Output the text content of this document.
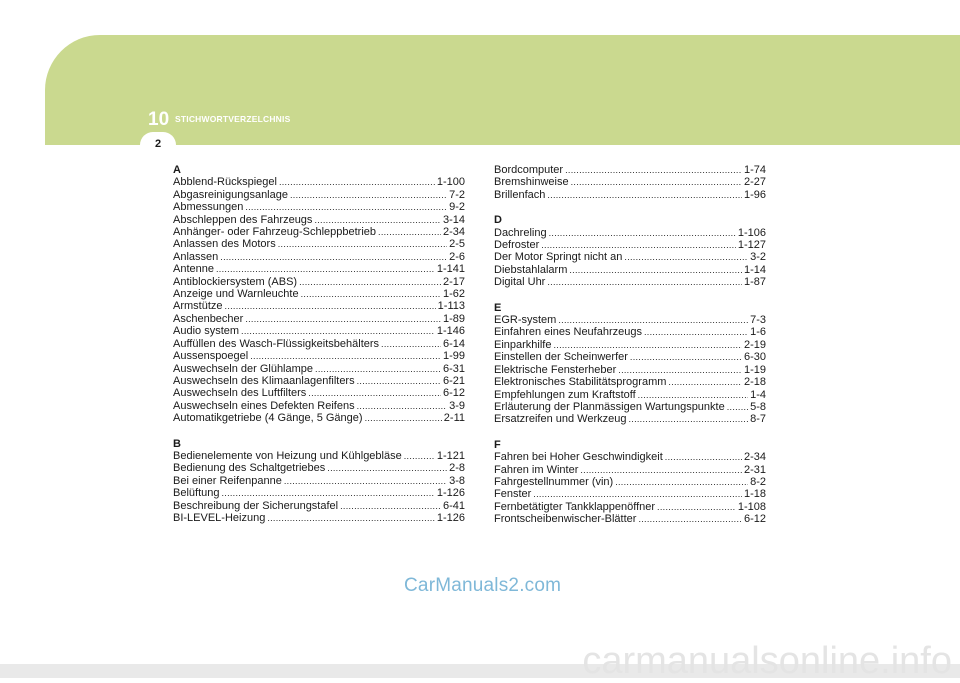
10 STICHWORTVERZELCHNIS
2
A
Abblend-Rückspiegel .....	1-100
Abgasreinigungsanlage .....	7-2
Abmessungen .....	9-2
Abschleppen des Fahrzeugs .....	3-14
Anhänger- oder Fahrzeug-Schleppbetrieb .....	2-34
Anlassen des Motors .....	2-5
Anlassen .....	2-6
Antenne .....	1-141
Antiblockiersystem (ABS) .....	2-17
Anzeige und Warnleuchte .....	1-62
Armstütze .....	1-113
Aschenbecher .....	1-89
Audio system .....	1-146
Auffüllen des Wasch-Flüssigkeitsbehälters .....	6-14
Aussenspoegel .....	1-99
Auswechseln der Glühlampe .....	6-31
Auswechseln des Klimaanlagenfilters .....	6-21
Auswechseln des Luftfilters .....	6-12
Auswechseln eines Defekten Reifens .....	3-9
Automatikgetriebe (4 Gänge, 5 Gänge) .....	2-11
B
Bedienelemente von Heizung und Kühlgebläse .....	1-121
Bedienung des Schaltgetriebes .....	2-8
Bei einer Reifenpanne .....	3-8
Belüftung .....	1-126
Beschreibung der Sicherungstafel .....	6-41
BI-LEVEL-Heizung .....	1-126
Bordcomputer .....	1-74
Bremshinweise .....	2-27
Brillenfach .....	1-96
D
Dachreling .....	1-106
Defroster .....	1-127
Der Motor Springt nicht an .....	3-2
Diebstahlalarm .....	1-14
Digital Uhr .....	1-87
E
EGR-system .....	7-3
Einfahren eines Neufahrzeugs .....	1-6
Einparkhilfe .....	2-19
Einstellen der Scheinwerfer .....	6-30
Elektrische Fensterheber .....	1-19
Elektronisches Stabilitätsprogramm .....	2-18
Empfehlungen zum Kraftstoff .....	1-4
Erläuterung der Planmässigen Wartungspunkte ..... 5-8
Ersatzreifen und Werkzeug .....	8-7
F
Fahren bei Hoher Geschwindigkeit .....	2-34
Fahren im Winter .....	2-31
Fahrgestellnummer (vin) .....	8-2
Fenster .....	1-18
Fernbetätigter Tankklappenöffner .....	1-108
Frontscheibenwischer-Blätter .....	6-12
CarManuals2.com
carmanualsonline.info
